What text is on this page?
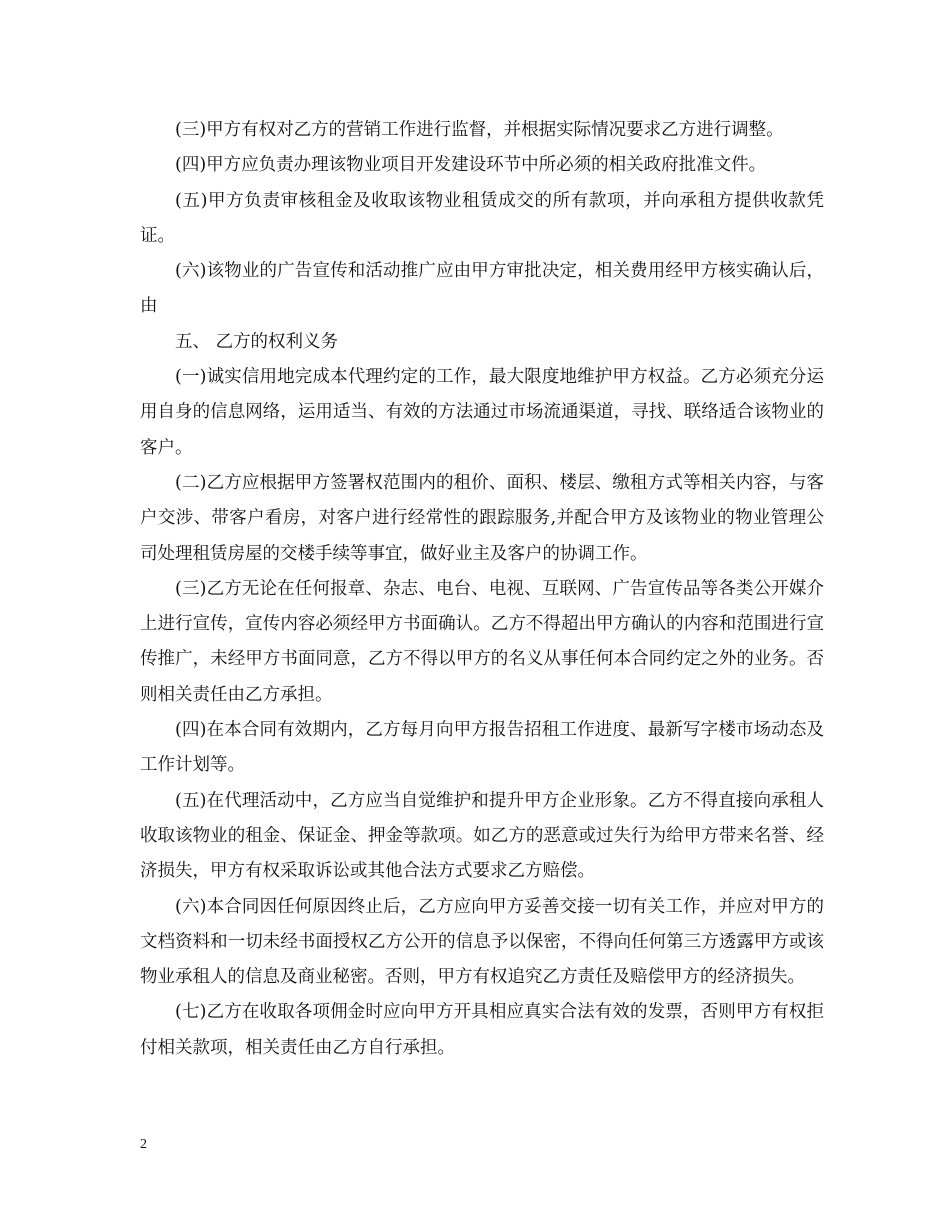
(三)甲方有权对乙方的营销工作进行监督，并根据实际情况要求乙方进行调整。

(四)甲方应负责办理该物业项目开发建设环节中所必须的相关政府批准文件。

(五)甲方负责审核租金及收取该物业租赁成交的所有款项，并向承租方提供收款凭证。

(六)该物业的广告宣传和活动推广应由甲方审批决定，相关费用经甲方核实确认后，由

五、 乙方的权利义务

(一)诚实信用地完成本代理约定的工作，最大限度地维护甲方权益。乙方必须充分运用自身的信息网络，运用适当、有效的方法通过市场流通渠道，寻找、联络适合该物业的客户。

(二)乙方应根据甲方签署权范围内的租价、面积、楼层、缴租方式等相关内容，与客户交涉、带客户看房，对客户进行经常性的跟踪服务,并配合甲方及该物业的物业管理公司处理租赁房屋的交楼手续等事宜，做好业主及客户的协调工作。

(三)乙方无论在任何报章、杂志、电台、电视、互联网、广告宣传品等各类公开媒介上进行宣传，宣传内容必须经甲方书面确认。乙方不得超出甲方确认的内容和范围进行宣传推广，未经甲方书面同意，乙方不得以甲方的名义从事任何本合同约定之外的业务。否则相关责任由乙方承担。

(四)在本合同有效期内，乙方每月向甲方报告招租工作进度、最新写字楼市场动态及工作计划等。

(五)在代理活动中，乙方应当自觉维护和提升甲方企业形象。乙方不得直接向承租人收取该物业的租金、保证金、押金等款项。如乙方的恶意或过失行为给甲方带来名誉、经济损失，甲方有权采取诉讼或其他合法方式要求乙方赔偿。

(六)本合同因任何原因终止后，乙方应向甲方妥善交接一切有关工作，并应对甲方的文档资料和一切未经书面授权乙方公开的信息予以保密，不得向任何第三方透露甲方或该物业承租人的信息及商业秘密。否则，甲方有权追究乙方责任及赔偿甲方的经济损失。

(七)乙方在收取各项佣金时应向甲方开具相应真实合法有效的发票，否则甲方有权拒付相关款项，相关责任由乙方自行承担。

2
